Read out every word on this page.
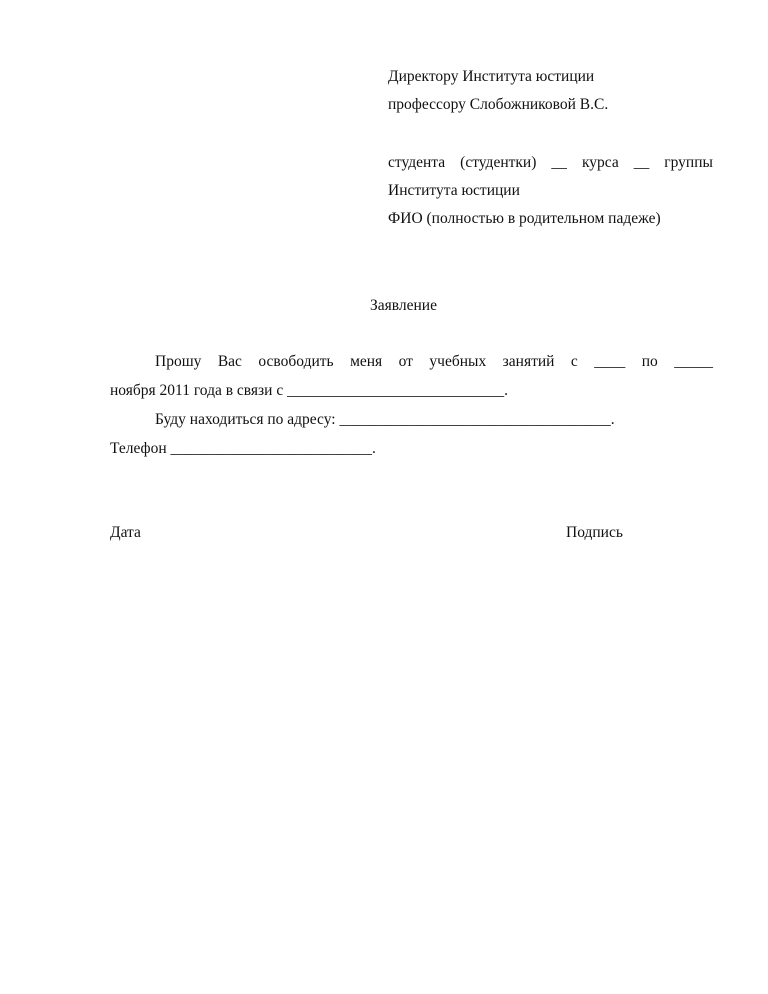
Директору Института юстиции
профессору Слобожниковой В.С.
студента (студентки) __ курса __ группы
Института юстиции
ФИО (полностью в родительном падеже)
Заявление
Прошу Вас освободить меня от учебных занятий с ____ по _____
ноября 2011 года в связи с ____________________________.
Буду находиться по адресу: ___________________________________.
Телефон __________________________.
Дата	Подпись
